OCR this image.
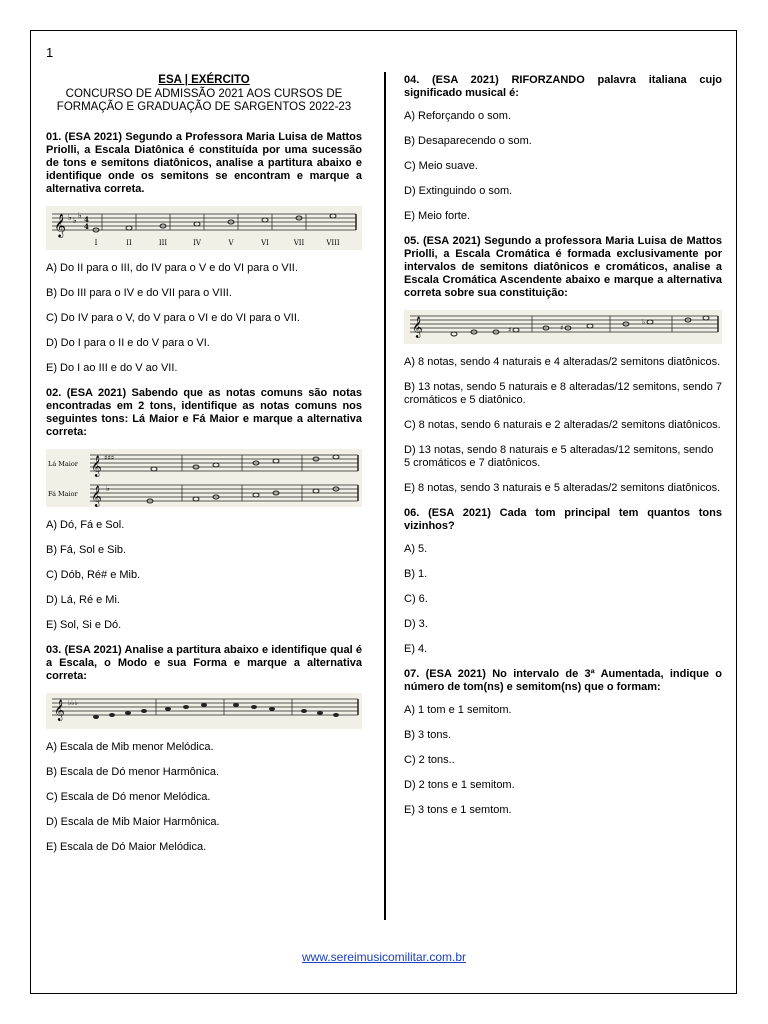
1
ESA | EXÉRCITO
CONCURSO DE ADMISSÃO 2021 AOS CURSOS DE
FORMAÇÃO E GRADUAÇÃO DE SARGENTOS 2022-23

01. (ESA 2021) Segundo a Professora Maria Luisa de Mattos Priolli, a Escala Diatônica é constituída por uma sucessão de tons e semitons diatônicos, analise a partitura abaixo e identifique onde os semitons se encontram e marque a alternativa correta.

𝄞 ♭ ♭
♭ 4
4
I	II	III	IV	V	VI	VII	VIII
A) Do II para o III, do IV para o V e do VI para o VII.
B) Do III para o IV e do VII para o VIII.
C) Do IV para o V, do V para o VI e do VI para o VII.
D) Do I para o II e do V para o VI.
E) Do I ao III e do V ao VII.

02. (ESA 2021) Sabendo que as notas comuns são notas encontradas em 2 tons, identifique as notas comuns nos seguintes tons: Lá Maior e Fá Maior e marque a alternativa correta:

Lá Maior
Fá Maior
𝄞
𝄞
♯♯♯
♭
A) Dó, Fá e Sol.
B) Fá, Sol e Sib.
C) Dób, Ré# e Mib.
D) Lá, Ré e Mi.
E) Sol, Si e Dó.

03. (ESA 2021) Analise a partitura abaixo e identifique qual é a Escala, o Modo e sua Forma e marque a alternativa correta:

𝄞 ♭♭♭
A) Escala de Mib menor Melódica.
B) Escala de Dó menor Harmônica.
C) Escala de Dó menor Melódica.
D) Escala de Mib Maior Harmônica.
E) Escala de Dó Maior Melódica.

04. (ESA 2021) RIFORZANDO palavra italiana cujo significado musical é:

A) Reforçando o som.
B) Desaparecendo o som.
C) Meio suave.
D) Extinguindo o som.
E) Meio forte.

05. (ESA 2021) Segundo a professora Maria Luisa de Mattos Priolli, a Escala Cromática é formada exclusivamente por intervalos de semitons diatônicos e cromáticos, analise a Escala Cromática Ascendente abaixo e marque a alternativa correta sobre sua constituição:

𝄞	♯	♯
♭
A) 8 notas, sendo 4 naturais e 4 alteradas/2 semitons diatônicos.
B) 13 notas, sendo 5 naturais e 8 alteradas/12 semitons, sendo 7 cromáticos e 5 diatônico.
C) 8 notas, sendo 6 naturais e 2 alteradas/2 semitons diatônicos.
D) 13 notas, sendo 8 naturais e 5 alteradas/12 semitons, sendo 5 cromáticos e 7 diatônicos.
E) 8 notas, sendo 3 naturais e 5 alteradas/2 semitons diatônicos.

06. (ESA 2021) Cada tom principal tem quantos tons vizinhos?

A) 5.
B) 1.
C) 6.
D) 3.
E) 4.

07. (ESA 2021) No intervalo de 3ª Aumentada, indique o número de tom(ns) e semitom(ns) que o formam:

A) 1 tom e 1 semitom.
B) 3 tons.
C) 2 tons..
D) 2 tons e 1 semitom.
E) 3 tons e 1 semtom.
www.sereimusicomilitar.com.br
